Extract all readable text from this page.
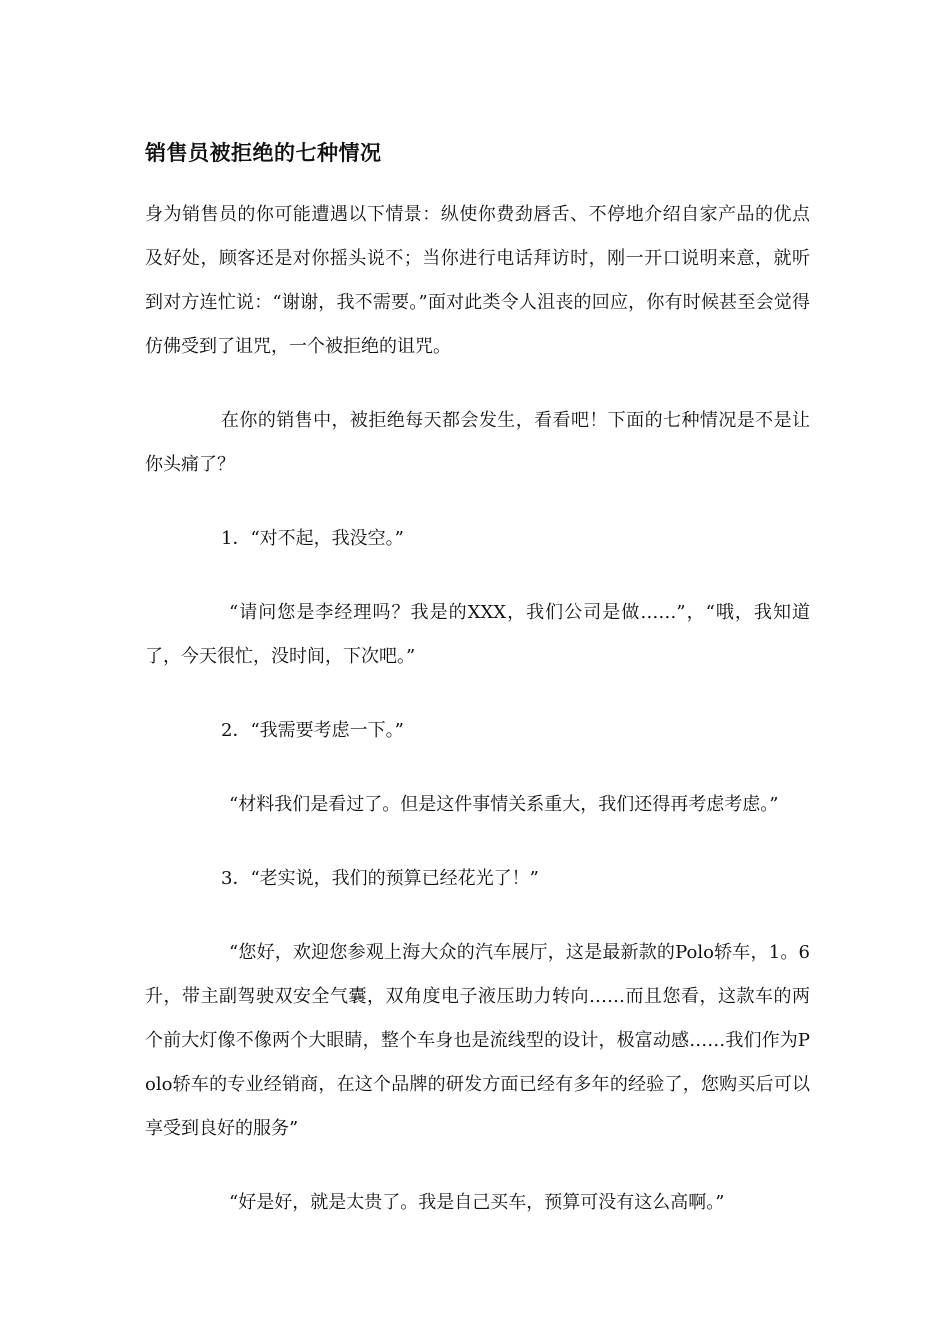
销售员被拒绝的七种情况

身为销售员的你可能遭遇以下情景：纵使你费劲唇舌、不停地介绍自家产品的优点及好处，顾客还是对你摇头说不；当你进行电话拜访时，刚一开口说明来意，就听到对方连忙说：“谢谢，我不需要。”面对此类令人沮丧的回应，你有时候甚至会觉得仿佛受到了诅咒，一个被拒绝的诅咒。

在你的销售中，被拒绝每天都会发生，看看吧！下面的七种情况是不是让你头痛了？

1．“对不起，我没空。”

“请问您是李经理吗？我是的XXX，我们公司是做……”，“哦，我知道了，今天很忙，没时间，下次吧。”

2．“我需要考虑一下。”

“材料我们是看过了。但是这件事情关系重大，我们还得再考虑考虑。”

3．“老实说，我们的预算已经花光了！”

“您好，欢迎您参观上海大众的汽车展厅，这是最新款的Polo轿车，1。6升，带主副驾驶双安全气囊，双角度电子液压助力转向……而且您看，这款车的两个前大灯像不像两个大眼睛，整个车身也是流线型的设计，极富动感……我们作为Polo轿车的专业经销商，在这个品牌的研发方面已经有多年的经验了，您购买后可以享受到良好的服务”

“好是好，就是太贵了。我是自己买车，预算可没有这么高啊。”
